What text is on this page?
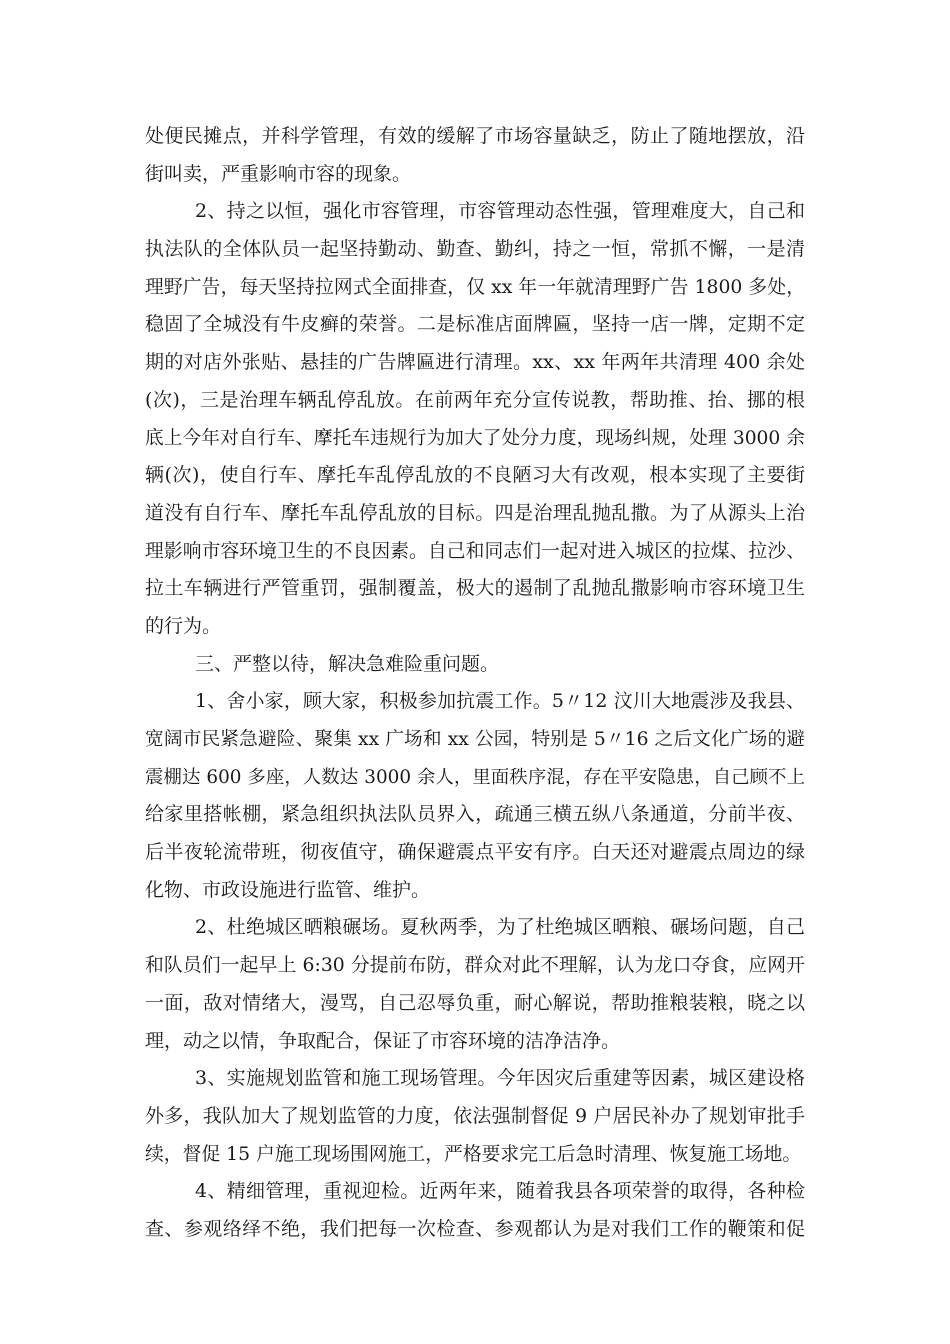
处便民摊点，并科学管理，有效的缓解了市场容量缺乏，防止了随地摆放，沿
街叫卖，严重影响市容的现象。
2、持之以恒，强化市容管理，市容管理动态性强，管理难度大，自己和
执法队的全体队员一起坚持勤动、勤查、勤纠，持之一恒，常抓不懈，一是清
理野广告，每天坚持拉网式全面排查，仅 xx 年一年就清理野广告 1800 多处，
稳固了全城没有牛皮癣的荣誉。二是标准店面牌匾，坚持一店一牌，定期不定
期的对店外张贴、悬挂的广告牌匾进行清理。xx、xx 年两年共清理 400 余处
(次)，三是治理车辆乱停乱放。在前两年充分宣传说教，帮助推、抬、挪的根
底上今年对自行车、摩托车违规行为加大了处分力度，现场纠规，处理 3000 余
辆(次)，使自行车、摩托车乱停乱放的不良陋习大有改观，根本实现了主要街
道没有自行车、摩托车乱停乱放的目标。四是治理乱抛乱撒。为了从源头上治
理影响市容环境卫生的不良因素。自己和同志们一起对进入城区的拉煤、拉沙、
拉土车辆进行严管重罚，强制覆盖，极大的遏制了乱抛乱撒影响市容环境卫生
的行为。
三、严整以待，解决急难险重问题。
1、舍小家，顾大家，积极参加抗震工作。5〃12 汶川大地震涉及我县、
宽阔市民紧急避险、聚集 xx 广场和 xx 公园，特别是 5〃16 之后文化广场的避
震棚达 600 多座，人数达 3000 余人，里面秩序混，存在平安隐患，自己顾不上
给家里搭帐棚，紧急组织执法队员界入，疏通三横五纵八条通道，分前半夜、
后半夜轮流带班，彻夜值守，确保避震点平安有序。白天还对避震点周边的绿
化物、市政设施进行监管、维护。
2、杜绝城区晒粮碾场。夏秋两季，为了杜绝城区晒粮、碾场问题，自己
和队员们一起早上 6:30 分提前布防，群众对此不理解，认为龙口夺食，应网开
一面，敌对情绪大，漫骂，自己忍辱负重，耐心解说，帮助推粮装粮，晓之以
理，动之以情，争取配合，保证了市容环境的洁净洁净。
3、实施规划监管和施工现场管理。今年因灾后重建等因素，城区建设格
外多，我队加大了规划监管的力度，依法强制督促 9 户居民补办了规划审批手
续，督促 15 户施工现场围网施工，严格要求完工后急时清理、恢复施工场地。
4、精细管理，重视迎检。近两年来，随着我县各项荣誉的取得，各种检
查、参观络绎不绝，我们把每一次检查、参观都认为是对我们工作的鞭策和促
